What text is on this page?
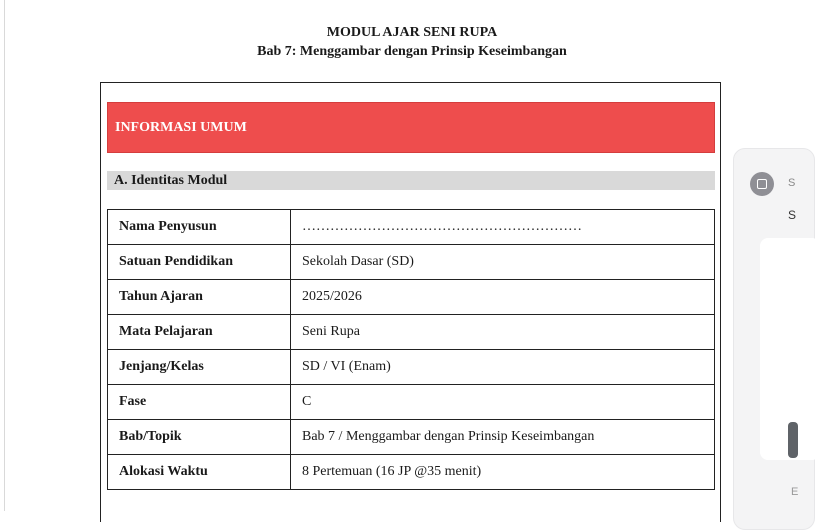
MODUL AJAR SENI RUPA
Bab 7: Menggambar dengan Prinsip Keseimbangan
INFORMASI UMUM
A. Identitas Modul
Nama Penyusun	……………………………………………………
Satuan Pendidikan	Sekolah Dasar (SD)
Tahun Ajaran	2025/2026
Mata Pelajaran	Seni Rupa
Jenjang/Kelas	SD / VI (Enam)
Fase	C
Bab/Topik	Bab 7 / Menggambar dengan Prinsip Keseimbangan
Alokasi Waktu	8 Pertemuan (16 JP @35 menit)
S
S
E
